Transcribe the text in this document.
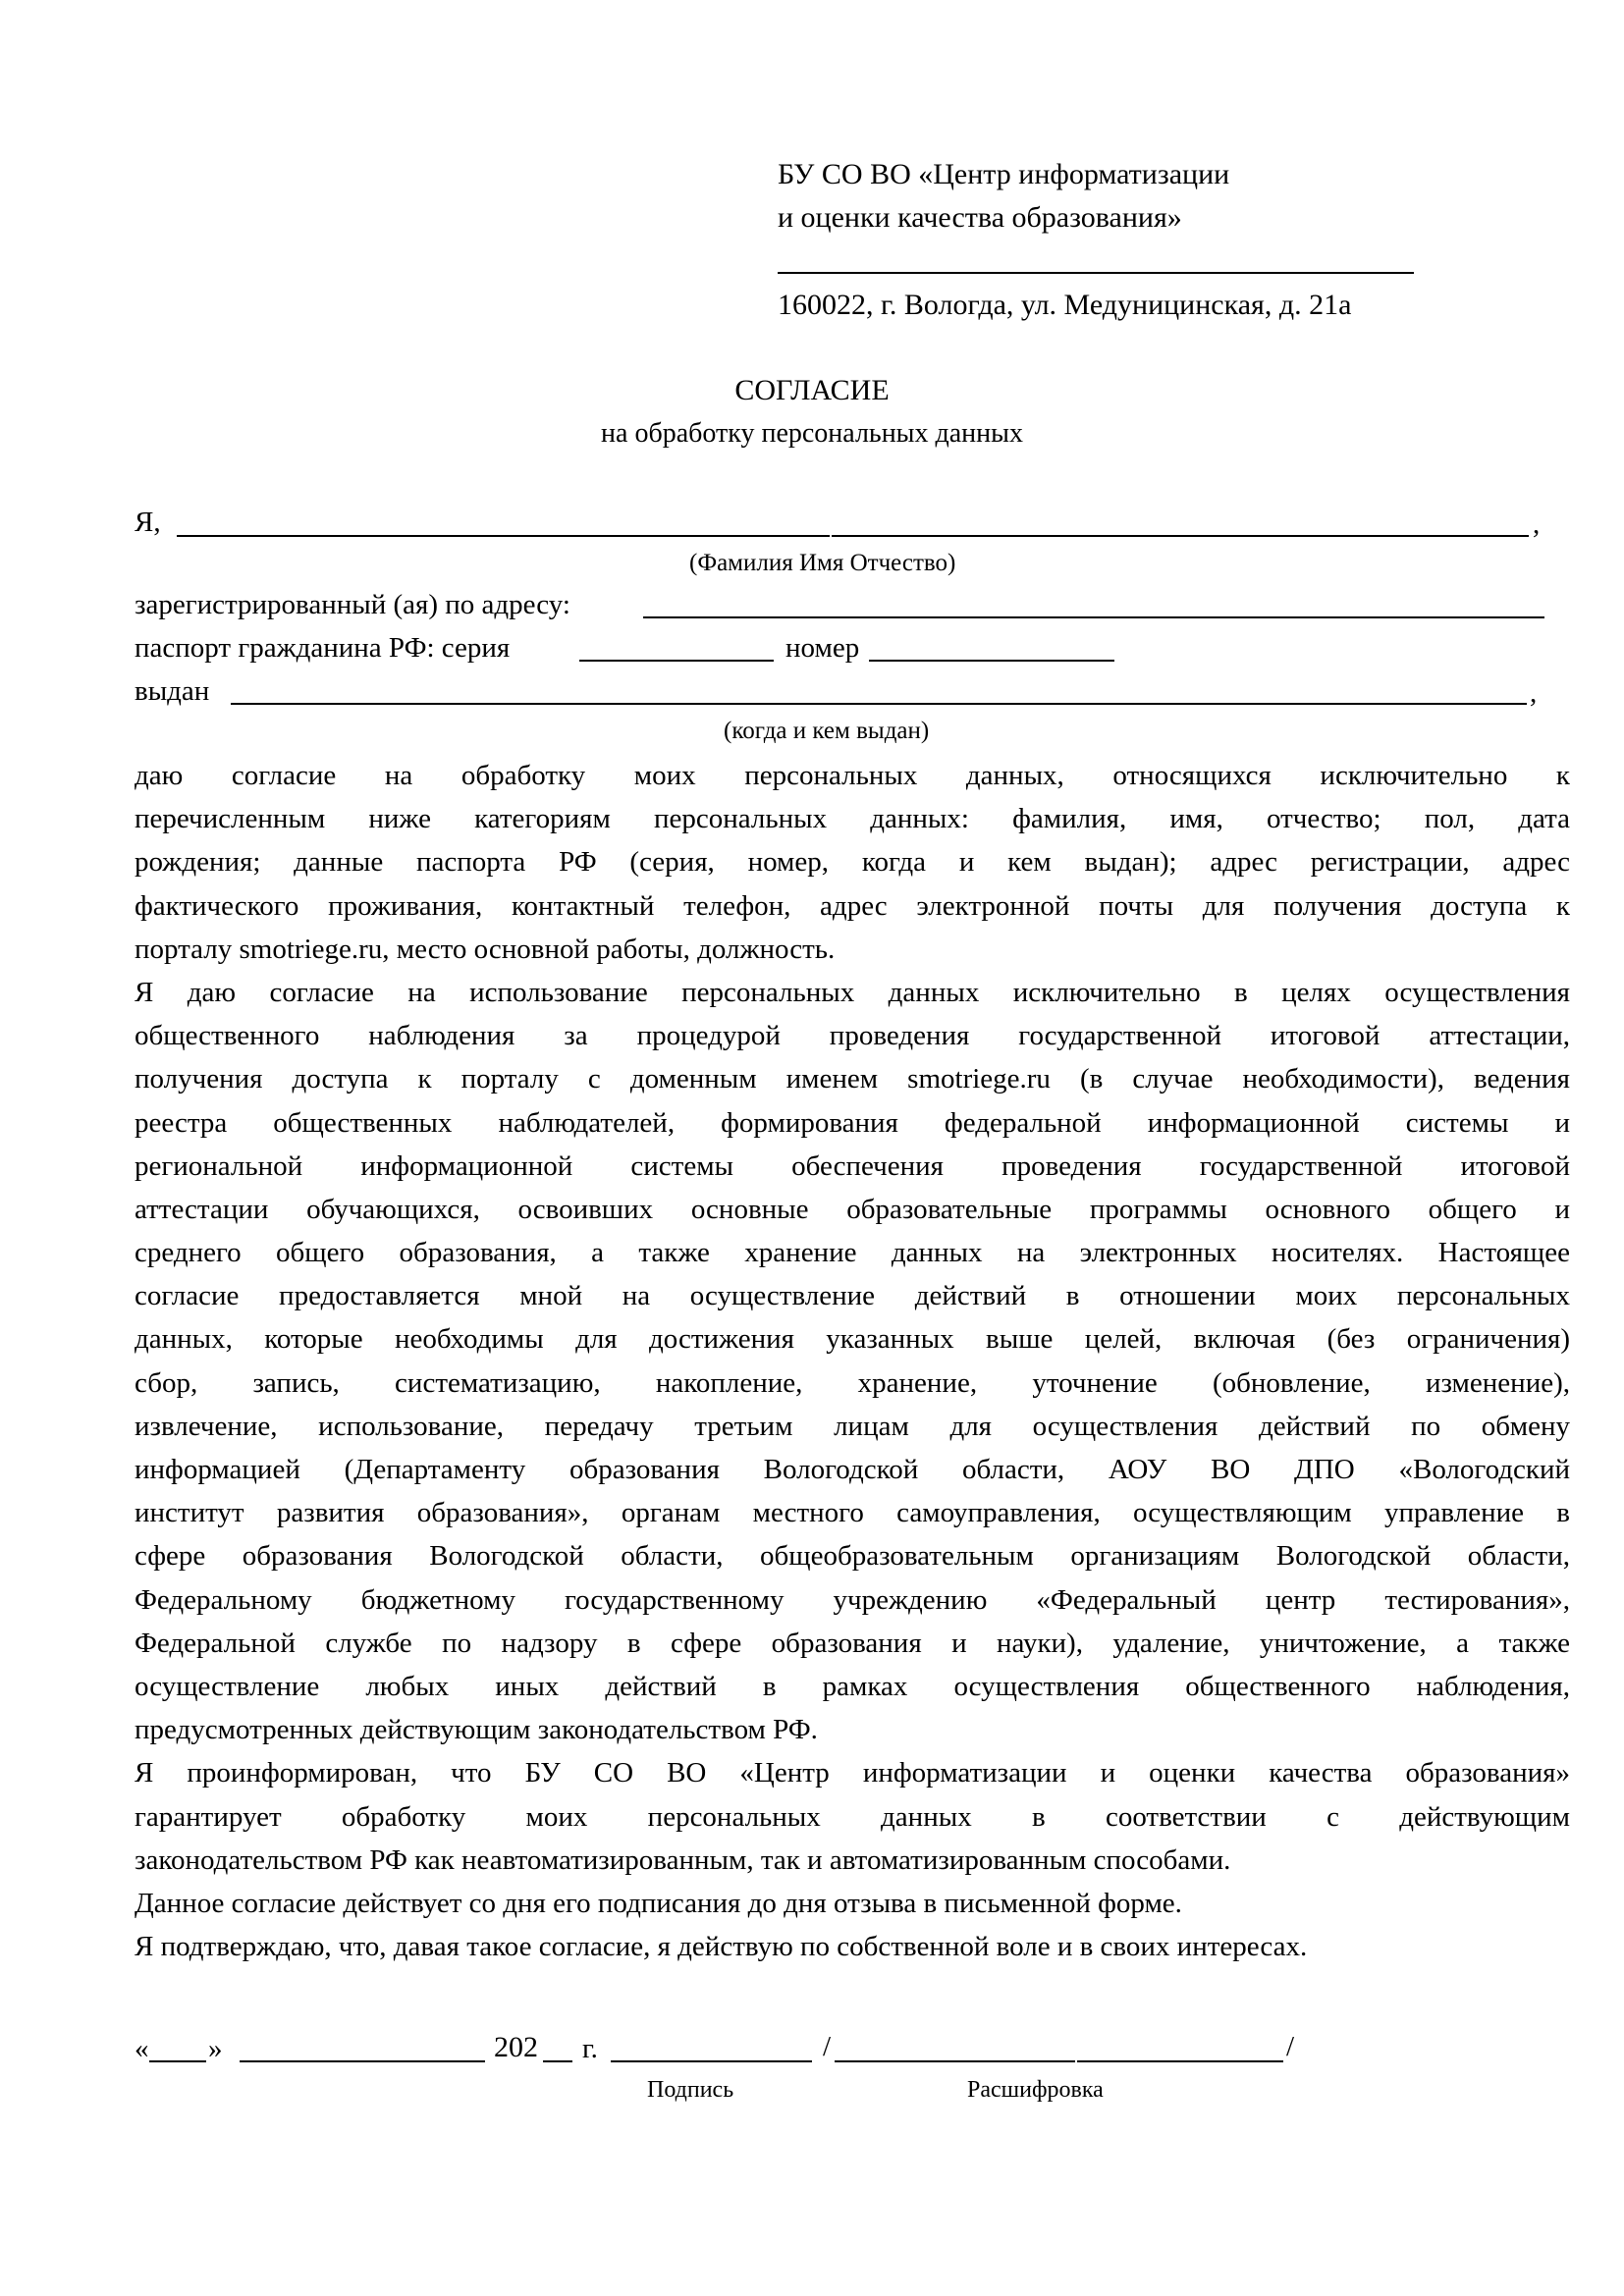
БУ СО ВО «Центр информатизации
и оценки качества образования»
160022, г. Вологда, ул. Медуницинская, д. 21а
СОГЛАСИЕ
на обработку персональных данных
Я,	,
(Фамилия Имя Отчество)
зарегистрированный (ая) по адресу:
паспорт гражданина РФ: серия	номер
выдан	,
(когда и кем выдан)
даю согласие на обработку моих персональных данных, относящихся исключительно к
перечисленным ниже категориям персональных данных: фамилия, имя, отчество; пол, дата
рождения; данные паспорта РФ (серия, номер, когда и кем выдан); адрес регистрации, адрес
фактического проживания, контактный телефон, адрес электронной почты для получения доступа к
порталу smotriege.ru, место основной работы, должность.
Я даю согласие на использование персональных данных исключительно в целях осуществления
общественного наблюдения за процедурой проведения государственной итоговой аттестации,
получения доступа к порталу с доменным именем smotriege.ru (в случае необходимости), ведения
реестра общественных наблюдателей, формирования федеральной информационной системы и
региональной информационной системы обеспечения проведения государственной итоговой
аттестации обучающихся, освоивших основные образовательные программы основного общего и
среднего общего образования, а также хранение данных на электронных носителях. Настоящее
согласие предоставляется мной на осуществление действий в отношении моих персональных
данных, которые необходимы для достижения указанных выше целей, включая (без ограничения)
сбор, запись, систематизацию, накопление, хранение, уточнение (обновление, изменение),
извлечение, использование, передачу третьим лицам для осуществления действий по обмену
информацией (Департаменту образования Вологодской области, АОУ ВО ДПО «Вологодский
институт развития образования», органам местного самоуправления, осуществляющим управление в
сфере образования Вологодской области, общеобразовательным организациям Вологодской области,
Федеральному бюджетному государственному учреждению «Федеральный центр тестирования»,
Федеральной службе по надзору в сфере образования и науки), удаление, уничтожение, а также
осуществление любых иных действий в рамках осуществления общественного наблюдения,
предусмотренных действующим законодательством РФ.
Я проинформирован, что БУ СО ВО «Центр информатизации и оценки качества образования»
гарантирует обработку моих персональных данных в соответствии с действующим
законодательством РФ как неавтоматизированным, так и автоматизированным способами.
Данное согласие действует со дня его подписания до дня отзыва в письменной форме.
Я подтверждаю, что, давая такое согласие, я действую по собственной воле и в своих интересах.
« »	202 г.	/	/
Подпись	Расшифровка
